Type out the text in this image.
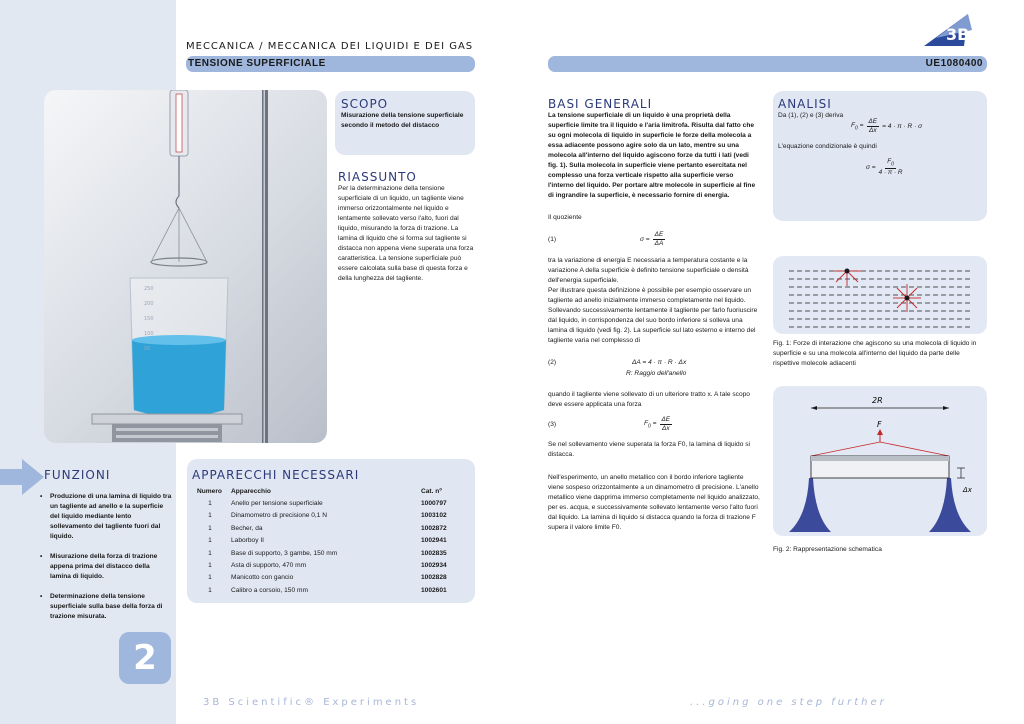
MECCANICA / MECCANICA DEI LIQUIDI E DEI GAS
TENSIONE SUPERFICIALE	UE1080400
3B
250
200
150
100
50
SCOPO
Misurazione della tensione superficiale secondo il metodo del distacco
RIASSUNTO
Per la determinazione della tensione superficiale di un liquido, un tagliente viene immerso orizzontalmente nel liquido e lentamente sollevato verso l'alto, fuori dal liquido, misurando la forza di trazione. La lamina di liquido che si forma sul tagliente si distacca non appena viene superata una forza caratteristica. La tensione superficiale può essere calcolata sulla base di questa forza e della lunghezza del tagliente.
FUNZIONI
• Produzione di una lamina di liquido tra un tagliente ad anello e la superficie del liquido mediante lento sollevamento del tagliente fuori dal liquido.
• Misurazione della forza di trazione appena prima del distacco della lamina di liquido.
• Determinazione della tensione superficiale sulla base della forza di trazione misurata.
APPARECCHI NECESSARI
Numero	Apparecchio	Cat. nº
1	Anello per tensione superficiale	1000797
1	Dinamometro di precisione 0,1 N	1003102
1	Becher, da	1002872
1	Laborboy II	1002941
1	Base di supporto, 3 gambe, 150 mm	1002835
1	Asta di supporto, 470 mm	1002934
1	Manicotto con gancio	1002828
1	Calibro a corsoio, 150 mm	1002601
2
BASI GENERALI
La tensione superficiale di un liquido è una proprietà della superficie limite tra il liquido e l'aria limitrofa. Risulta dal fatto che su ogni molecola di liquido in superficie le forze della molecola a essa adiacente possono agire solo da un lato, mentre su una molecola all'interno del liquido agiscono forze da tutti i lati (vedi fig. 1). Sulla molecola in superficie viene pertanto esercitata nel complesso una forza verticale rispetto alla superficie verso l'interno del liquido. Per portare altre molecole in superficie al fine di ingrandire la superficie, è necessario fornire di energia.
Il quoziente
(1)	$\sigma = \frac{\Delta E}{\Delta A}$
tra la variazione di energia E necessaria a temperatura costante e la variazione A della superficie è definito tensione superficiale o densità dell'energia superficiale.
Per illustrare questa definizione è possibile per esempio osservare un tagliente ad anello inizialmente immerso completamente nel liquido. Sollevando successivamente lentamente il tagliente per farlo fuoriuscire dal liquido, in corrispondenza del suo bordo inferiore si solleva una lamina di liquido (vedi fig. 2). La superficie sul lato esterno e interno del tagliente varia nel complesso di
(2)	ΔA = 4 · π · R · Δx
R: Raggio dell'anello
quando il tagliente viene sollevato di un ulteriore tratto x. A tale scopo deve essere applicata una forza
(3)	$F_0 = \frac{\Delta E}{\Delta x}$
Se nel sollevamento viene superata la forza F0, la lamina di liquido si distacca.
Nell'esperimento, un anello metallico con il bordo inferiore tagliente viene sospeso orizzontalmente a un dinamometro di precisione. L'anello metallico viene dapprima immerso completamente nel liquido analizzato, per es. acqua, e successivamente sollevato lentamente verso l'alto fuori dal liquido. La lamina di liquido si distacca quando la forza di trazione F supera il valore limite F0.
ANALISI
Da (1), (2) e (3) deriva
$F_0 = \frac{\Delta E}{\Delta x} = 4 \cdot \pi \cdot R \cdot \sigma$
L'equazione condizionale è quindi
$\sigma = \frac{F_0}{4 \cdot \pi \cdot R}$
Fig. 1: Forze di interazione che agiscono su una molecola di liquido in superficie e su una molecola all'interno del liquido da parte delle rispettive molecole adiacenti
2R
F
Δx
Fig. 2: Rappresentazione schematica
3B Scientific® Experiments	...going one step further
